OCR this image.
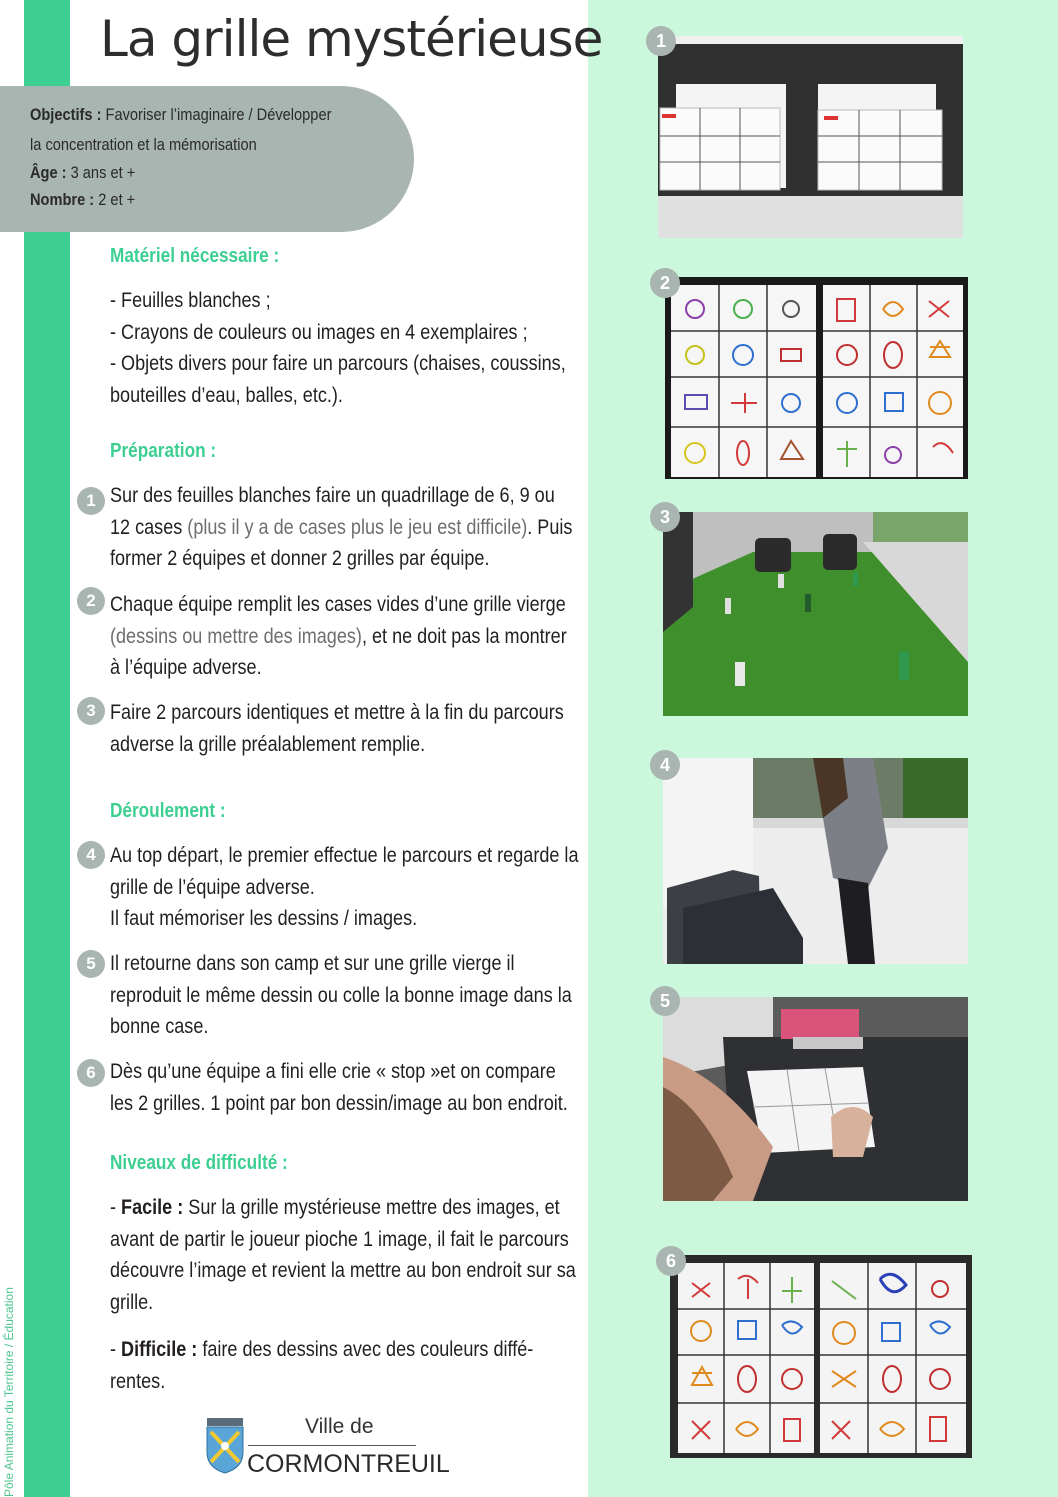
Pôle Animation du Territoire / Éducation
La grille mystérieuse
Objectifs : Favoriser l’imaginaire / Développer
la concentration et la mémorisation
Âge : 3 ans et +
Nombre : 2 et +
Matériel nécessaire :
- Feuilles blanches ;
- Crayons de couleurs ou images en 4 exemplaires ;
- Objets divers pour faire un parcours (chaises, coussins, bouteilles d’eau, balles, etc.).
Préparation :
1 Sur des feuilles blanches faire un quadrillage de 6, 9 ou 12 cases (plus il y a de cases plus le jeu est difficile). Puis former 2 équipes et donner 2 grilles par équipe.
2 Chaque équipe remplit les cases vides d’une grille vierge (dessins ou mettre des images), et ne doit pas la montrer à l’équipe adverse.
3 Faire 2 parcours identiques et mettre à la fin du parcours adverse la grille préalablement remplie.
Déroulement :
4 Au top départ, le premier effectue le parcours et regarde la grille de l’équipe adverse.
Il faut mémoriser les dessins / images.
5 Il retourne dans son camp et sur une grille vierge il reproduit le même dessin ou colle la bonne image dans la bonne case.
6 Dès qu’une équipe a fini elle crie « stop »et on compare les 2 grilles. 1 point par bon dessin/image au bon endroit.
Niveaux de difficulté :
- Facile : Sur la grille mystérieuse mettre des images, et avant de partir le joueur pioche 1 image, il fait le parcours découvre l’image et revient la mettre au bon endroit sur sa grille.
- Difficile : faire des dessins avec des couleurs diffé- rentes.
Ville de
CORMONTREUIL
1
2
3
4
5
6
